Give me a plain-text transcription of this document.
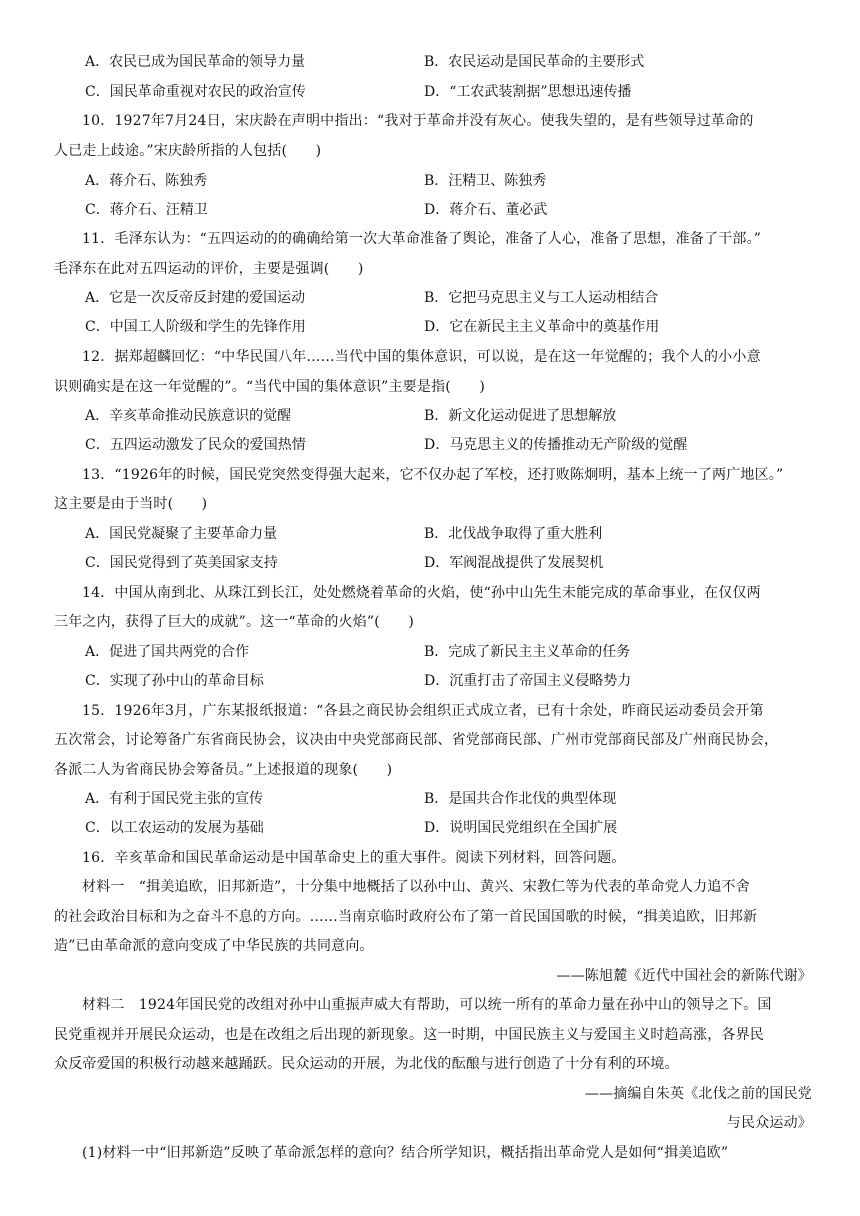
A．农民已成为国民革命的领导力量	B．农民运动是国民革命的主要形式
C．国民革命重视对农民的政治宣传	D．“工农武装割据”思想迅速传播
10．1927年7月24日，宋庆龄在声明中指出：“我对于革命并没有灰心。使我失望的，是有些领导过革命的
人已走上歧途。”宋庆龄所指的人包括(　　)
A．蒋介石、陈独秀	B．汪精卫、陈独秀
C．蒋介石、汪精卫	D．蒋介石、董必武
11．毛泽东认为：“五四运动的的确确给第一次大革命准备了舆论，准备了人心，准备了思想，准备了干部。”
毛泽东在此对五四运动的评价，主要是强调(　　)
A．它是一次反帝反封建的爱国运动	B．它把马克思主义与工人运动相结合
C．中国工人阶级和学生的先锋作用	D．它在新民主主义革命中的奠基作用
12．据郑超麟回忆：“中华民国八年……当代中国的集体意识，可以说，是在这一年觉醒的；我个人的小小意
识则确实是在这一年觉醒的”。“当代中国的集体意识”主要是指(　　)
A．辛亥革命推动民族意识的觉醒	B．新文化运动促进了思想解放
C．五四运动激发了民众的爱国热情	D．马克思主义的传播推动无产阶级的觉醒
13．“1926年的时候，国民党突然变得强大起来，它不仅办起了军校，还打败陈炯明，基本上统一了两广地区。”
这主要是由于当时(　　)
A．国民党凝聚了主要革命力量	B．北伐战争取得了重大胜利
C．国民党得到了英美国家支持	D．军阀混战提供了发展契机
14．中国从南到北、从珠江到长江，处处燃烧着革命的火焰，使“孙中山先生未能完成的革命事业，在仅仅两
三年之内，获得了巨大的成就”。这一“革命的火焰”(　　)
A．促进了国共两党的合作	B．完成了新民主主义革命的任务
C．实现了孙中山的革命目标	D．沉重打击了帝国主义侵略势力
15．1926年3月，广东某报纸报道：“各县之商民协会组织正式成立者，已有十余处，昨商民运动委员会开第
五次常会，讨论筹备广东省商民协会，议决由中央党部商民部、省党部商民部、广州市党部商民部及广州商民协会，
各派二人为省商民协会筹备员。”上述报道的现象(　　)
A．有利于国民党主张的宣传	B．是国共合作北伐的典型体现
C．以工农运动的发展为基础	D．说明国民党组织在全国扩展
16．辛亥革命和国民革命运动是中国革命史上的重大事件。阅读下列材料，回答问题。
材料一　“揖美追欧，旧邦新造”，十分集中地概括了以孙中山、黄兴、宋教仁等为代表的革命党人力追不舍
的社会政治目标和为之奋斗不息的方向。……当南京临时政府公布了第一首民国国歌的时候，“揖美追欧，旧邦新
造”已由革命派的意向变成了中华民族的共同意向。
——陈旭麓《近代中国社会的新陈代谢》
材料二　1924年国民党的改组对孙中山重振声威大有帮助，可以统一所有的革命力量在孙中山的领导之下。国
民党重视并开展民众运动，也是在改组之后出现的新现象。这一时期，中国民族主义与爱国主义时趋高涨，各界民
众反帝爱国的积极行动越来越踊跃。民众运动的开展，为北伐的酝酿与进行创造了十分有利的环境。
——摘编自朱英《北伐之前的国民党
与民众运动》
(1)材料一中“旧邦新造”反映了革命派怎样的意向？结合所学知识，概括指出革命党人是如何“揖美追欧”
